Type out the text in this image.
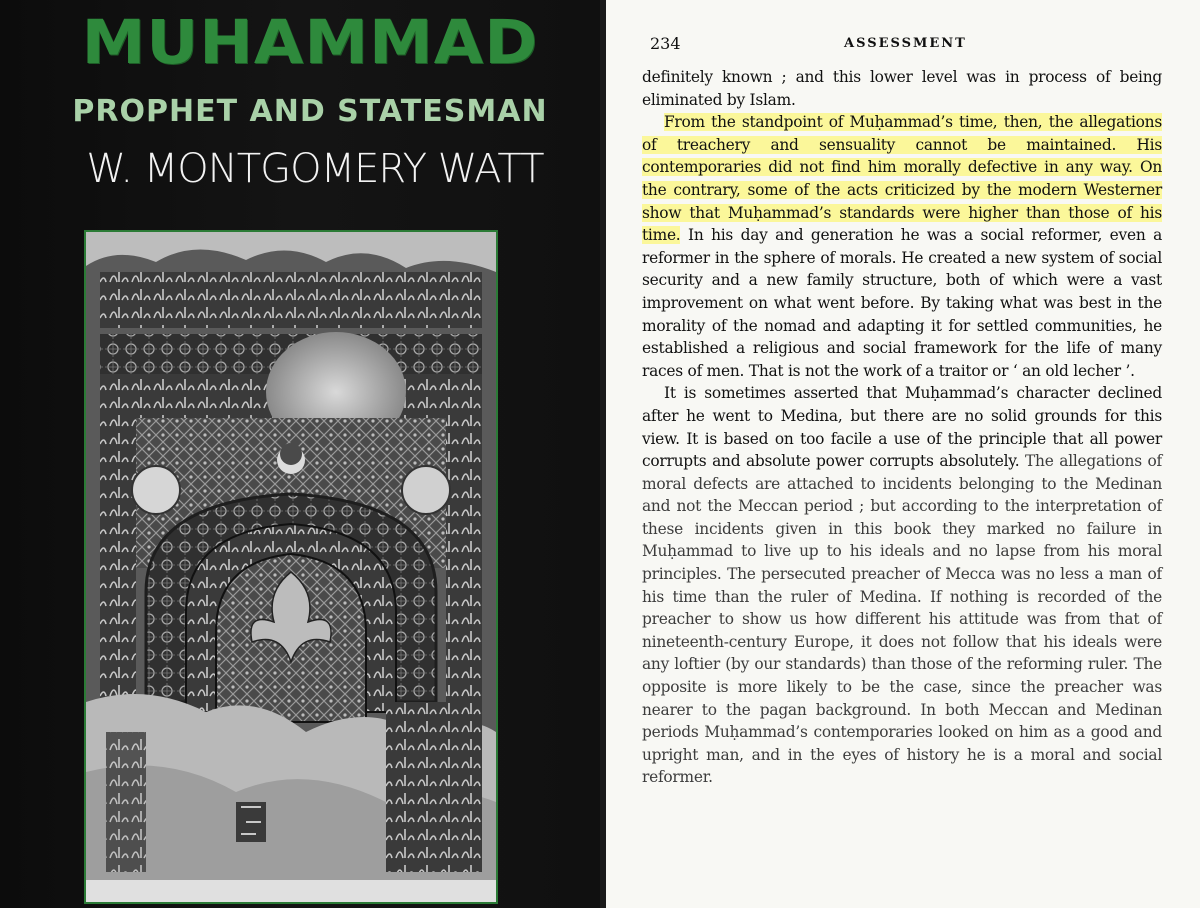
MUHAMMAD
PROPHET AND STATESMAN
W. MONTGOMERY WATT
234	ASSESSMENT

definitely known ; and this lower level was in process of being eliminated by Islam.

From the standpoint of Muḥammad’s time, then, the allegations of treachery and sensuality cannot be maintained. His contemporaries did not find him morally defective in any way. On the contrary, some of the acts criticized by the modern Westerner show that Muḥammad’s standards were higher than those of his time. In his day and generation he was a social reformer, even a reformer in the sphere of morals. He created a new system of social security and a new family structure, both of which were a vast improvement on what went before. By taking what was best in the morality of the nomad and adapting it for settled communities, he established a religious and social framework for the life of many races of men. That is not the work of a traitor or ‘ an old lecher ’.

It is sometimes asserted that Muḥammad’s character declined after he went to Medina, but there are no solid grounds for this view. It is based on too facile a use of the principle that all power corrupts and absolute power corrupts absolutely. The allegations of moral defects are attached to incidents belonging to the Medinan and not the Meccan period ; but according to the interpretation of these incidents given in this book they marked no failure in Muḥammad to live up to his ideals and no lapse from his moral principles. The persecuted preacher of Mecca was no less a man of his time than the ruler of Medina. If nothing is recorded of the preacher to show us how different his attitude was from that of nineteenth-century Europe, it does not follow that his ideals were any loftier (by our standards) than those of the reforming ruler. The opposite is more likely to be the case, since the preacher was nearer to the pagan background. In both Meccan and Medinan periods Muḥammad’s contemporaries looked on him as a good and upright man, and in the eyes of history he is a moral and social reformer.
